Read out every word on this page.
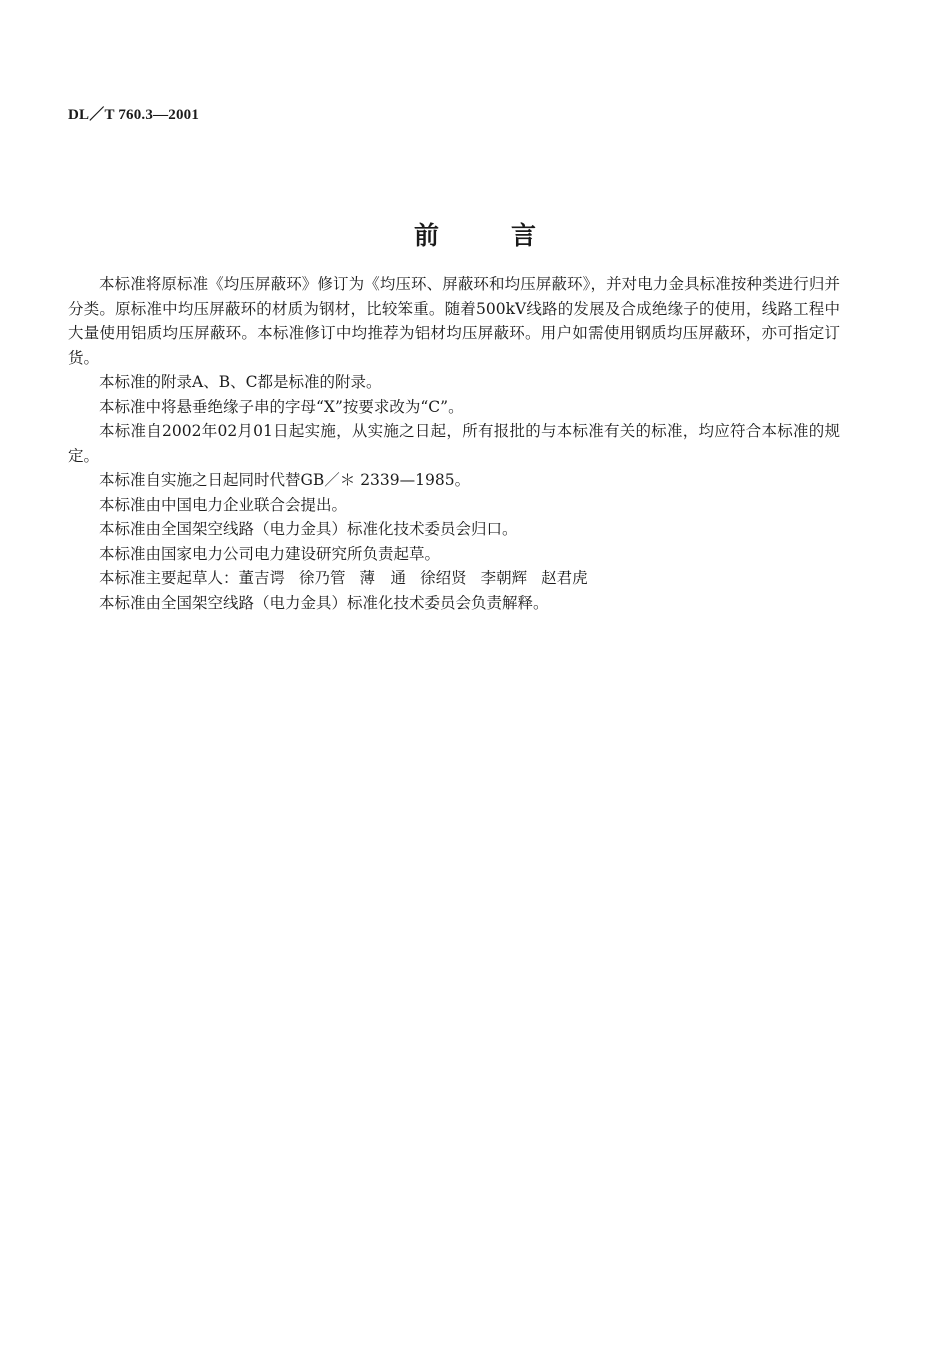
DL／T 760.3—2001
前言

本标准将原标准《均压屏蔽环》修订为《均压环、屏蔽环和均压屏蔽环》，并对电力金具标准按种类进行归并分类。原标准中均压屏蔽环的材质为钢材，比较笨重。随着500kV线路的发展及合成绝缘子的使用，线路工程中大量使用铝质均压屏蔽环。本标准修订中均推荐为铝材均压屏蔽环。用户如需使用钢质均压屏蔽环，亦可指定订货。

本标准的附录A、B、C都是标准的附录。

本标准中将悬垂绝缘子串的字母“X”按要求改为“C”。

本标准自2002年02月01日起实施，从实施之日起，所有报批的与本标准有关的标准，均应符合本标准的规定。

本标准自实施之日起同时代替GB／＊ 2339—1985。

本标准由中国电力企业联合会提出。

本标准由全国架空线路（电力金具）标准化技术委员会归口。

本标准由国家电力公司电力建设研究所负责起草。

本标准主要起草人：董吉谔 徐乃管 薄　通 徐绍贤 李朝辉 赵君虎

本标准由全国架空线路（电力金具）标准化技术委员会负责解释。
